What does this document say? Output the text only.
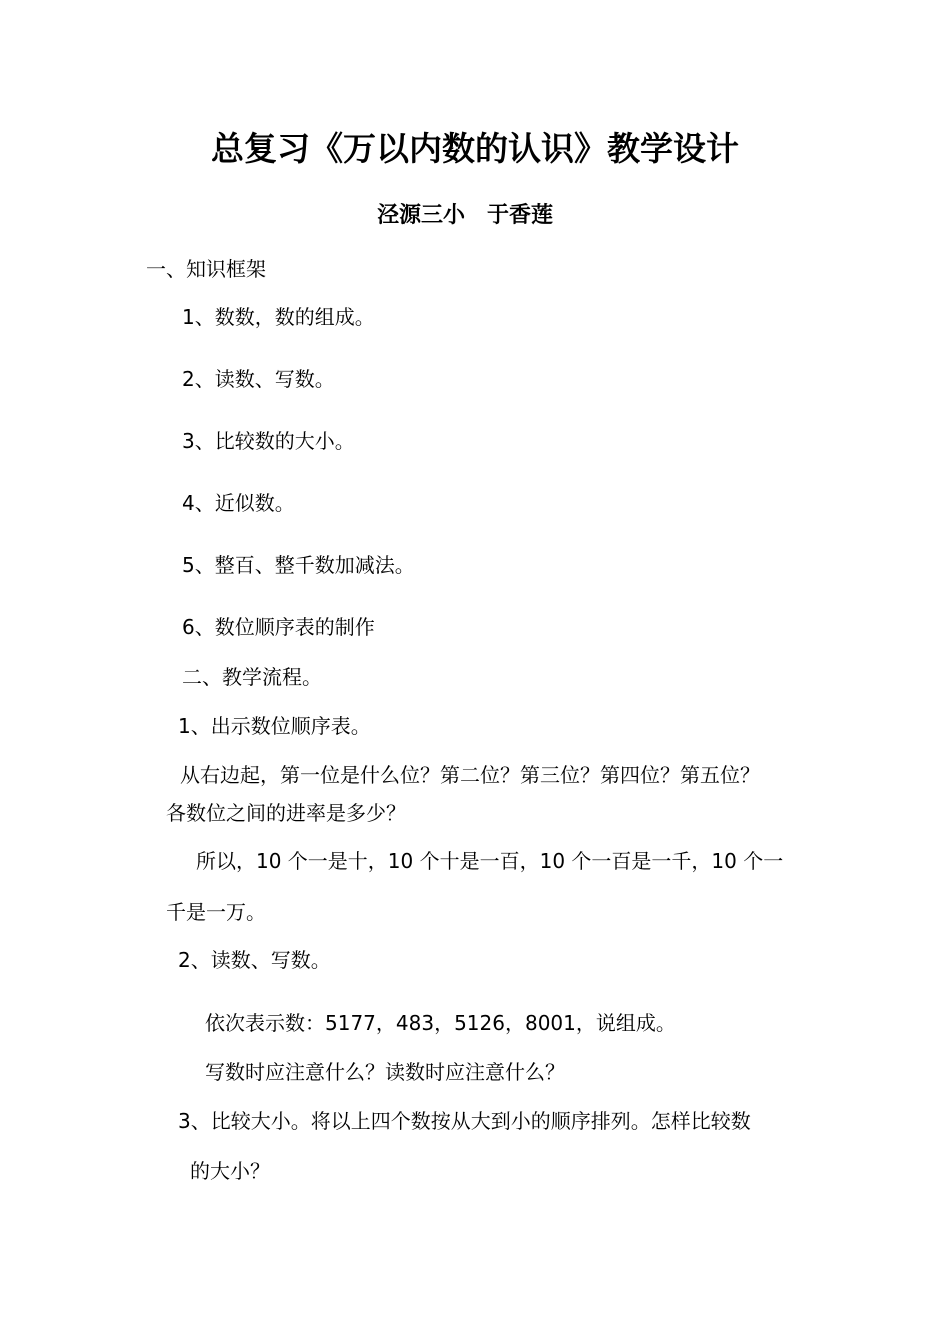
总复习《万以内数的认识》教学设计
泾源三小　于香莲
一、知识框架
1、数数，数的组成。
2、读数、写数。
3、比较数的大小。
4、近似数。
5、整百、整千数加减法。
6、数位顺序表的制作
二、教学流程。
1、出示数位顺序表。
从右边起，第一位是什么位？第二位？第三位？第四位？第五位？
各数位之间的进率是多少？
所以，10 个一是十，10 个十是一百，10 个一百是一千，10 个一
千是一万。
2、读数、写数。
依次表示数：5177，483，5126，8001，说组成。
写数时应注意什么？读数时应注意什么？
3、比较大小。将以上四个数按从大到小的顺序排列。怎样比较数
的大小？
